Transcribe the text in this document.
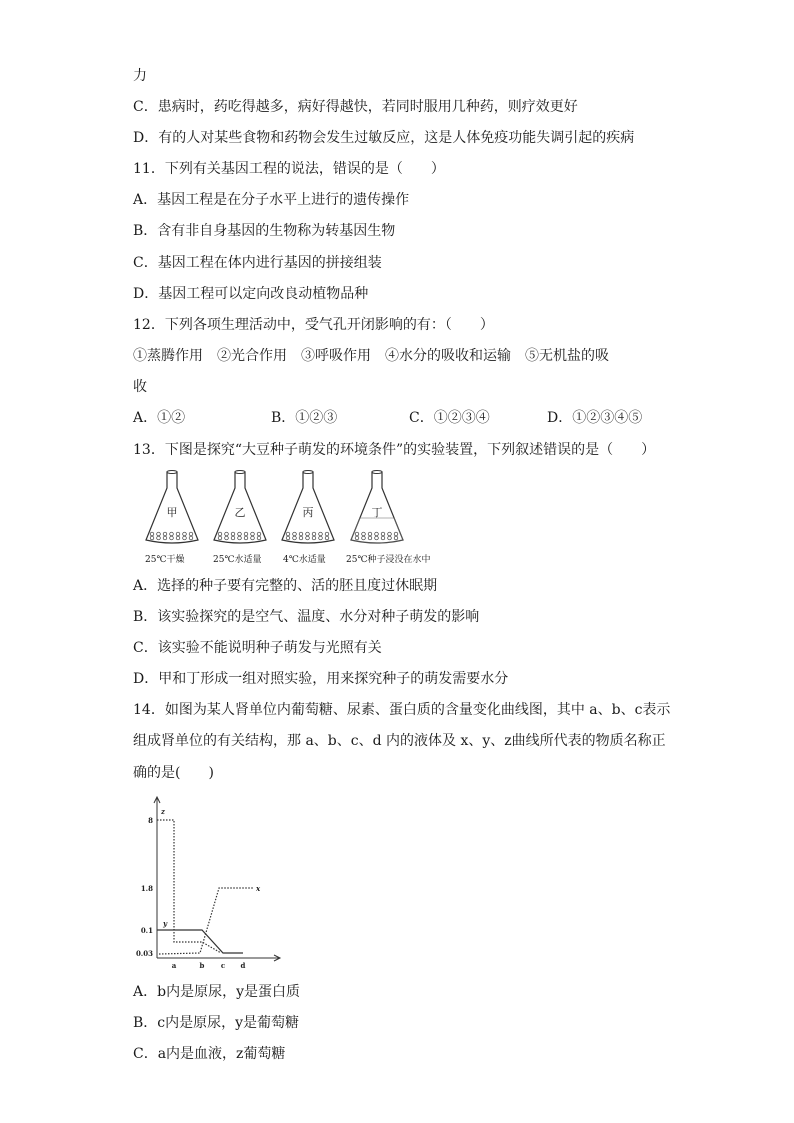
力
C．患病时，药吃得越多，病好得越快，若同时服用几种药，则疗效更好
D．有的人对某些食物和药物会发生过敏反应，这是人体免疫功能失调引起的疾病
11．下列有关基因工程的说法，错误的是（　　）
A．基因工程是在分子水平上进行的遗传操作
B．含有非自身基因的生物称为转基因生物
C．基因工程在体内进行基因的拼接组装
D．基因工程可以定向改良动植物品种
12．下列各项生理活动中，受气孔开闭影响的有：（　　）
①蒸腾作用　②光合作用　③呼吸作用　④水分的吸收和运输　⑤无机盐的吸
收
A．①②	B．①②③	C．①②③④	D．①②③④⑤
13．下图是探究“大豆种子萌发的环境条件”的实验装置，下列叙述错误的是（　　）
甲	乙	丙	丁
25℃干燥	25℃水适量 4℃水适量 25℃种子浸没在水中
A．选择的种子要有完整的、活的胚且度过休眠期
B．该实验探究的是空气、温度、水分对种子萌发的影响
C．该实验不能说明种子萌发与光照有关
D．甲和丁形成一组对照实验，用来探究种子的萌发需要水分
14．如图为某人肾单位内葡萄糖、尿素、蛋白质的含量变化曲线图，其中 a、b、c表示
组成肾单位的有关结构，那 a、b、c、d 内的液体及 x、y、z曲线所代表的物质名称正
确的是(　　)
8
1.8
0.1
0.03
a	b c d
x
y
z
A．b内是原尿，y是蛋白质
B．c内是原尿，y是葡萄糖
C．a内是血液，z葡萄糖
